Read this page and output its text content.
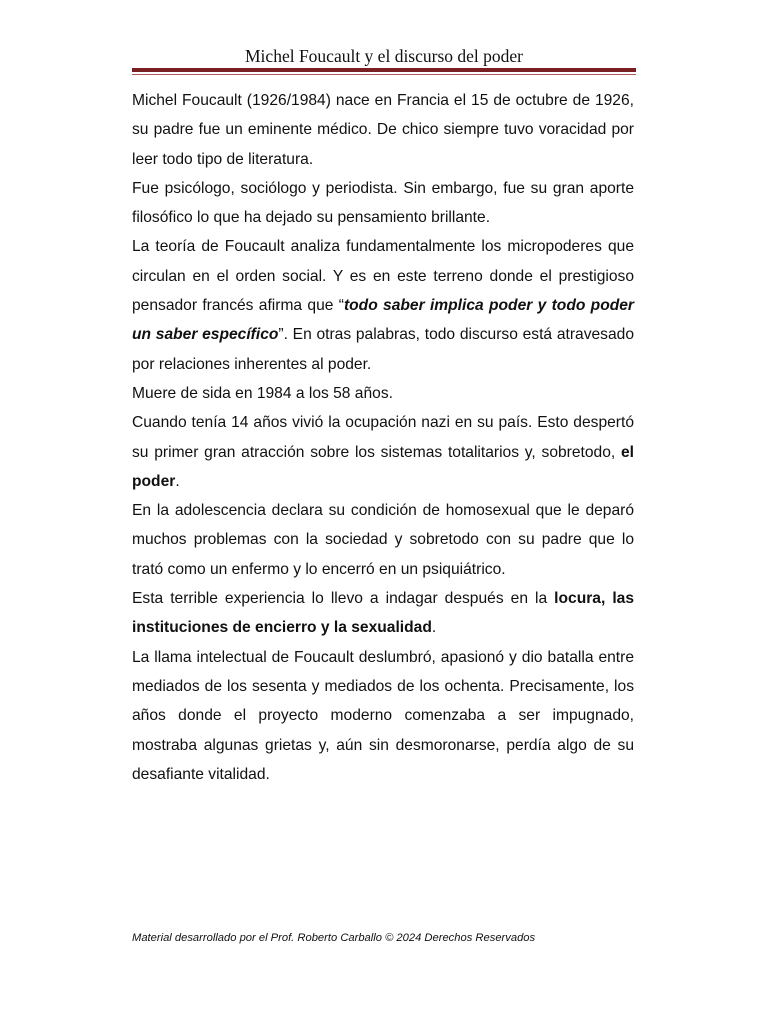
Michel Foucault y el discurso del poder

Michel Foucault (1926/1984) nace en Francia el 15 de octubre de 1926, su padre fue un eminente médico. De chico siempre tuvo voracidad por leer todo tipo de literatura.

Fue psicólogo, sociólogo y periodista. Sin embargo, fue su gran aporte filosófico lo que ha dejado su pensamiento brillante.

La teoría de Foucault analiza fundamentalmente los micropoderes que circulan en el orden social. Y es en este terreno donde el prestigioso pensador francés afirma que “todo saber implica poder y todo poder un saber específico”. En otras palabras, todo discurso está atravesado por relaciones inherentes al poder.

Muere de sida en 1984 a los 58 años.

Cuando tenía 14 años vivió la ocupación nazi en su país. Esto despertó su primer gran atracción sobre los sistemas totalitarios y, sobretodo, el poder.

En la adolescencia declara su condición de homosexual que le deparó muchos problemas con la sociedad y sobretodo con su padre que lo trató como un enfermo y lo encerró en un psiquiátrico.

Esta terrible experiencia lo llevo a indagar después en la locura, las instituciones de encierro y la sexualidad.

La llama intelectual de Foucault deslumbró, apasionó y dio batalla entre mediados de los sesenta y mediados de los ochenta. Precisamente, los años donde el proyecto moderno comenzaba a ser impugnado, mostraba algunas grietas y, aún sin desmoronarse, perdía algo de su desafiante vitalidad.

Material desarrollado por el Prof. Roberto Carballo © 2024 Derechos Reservados
